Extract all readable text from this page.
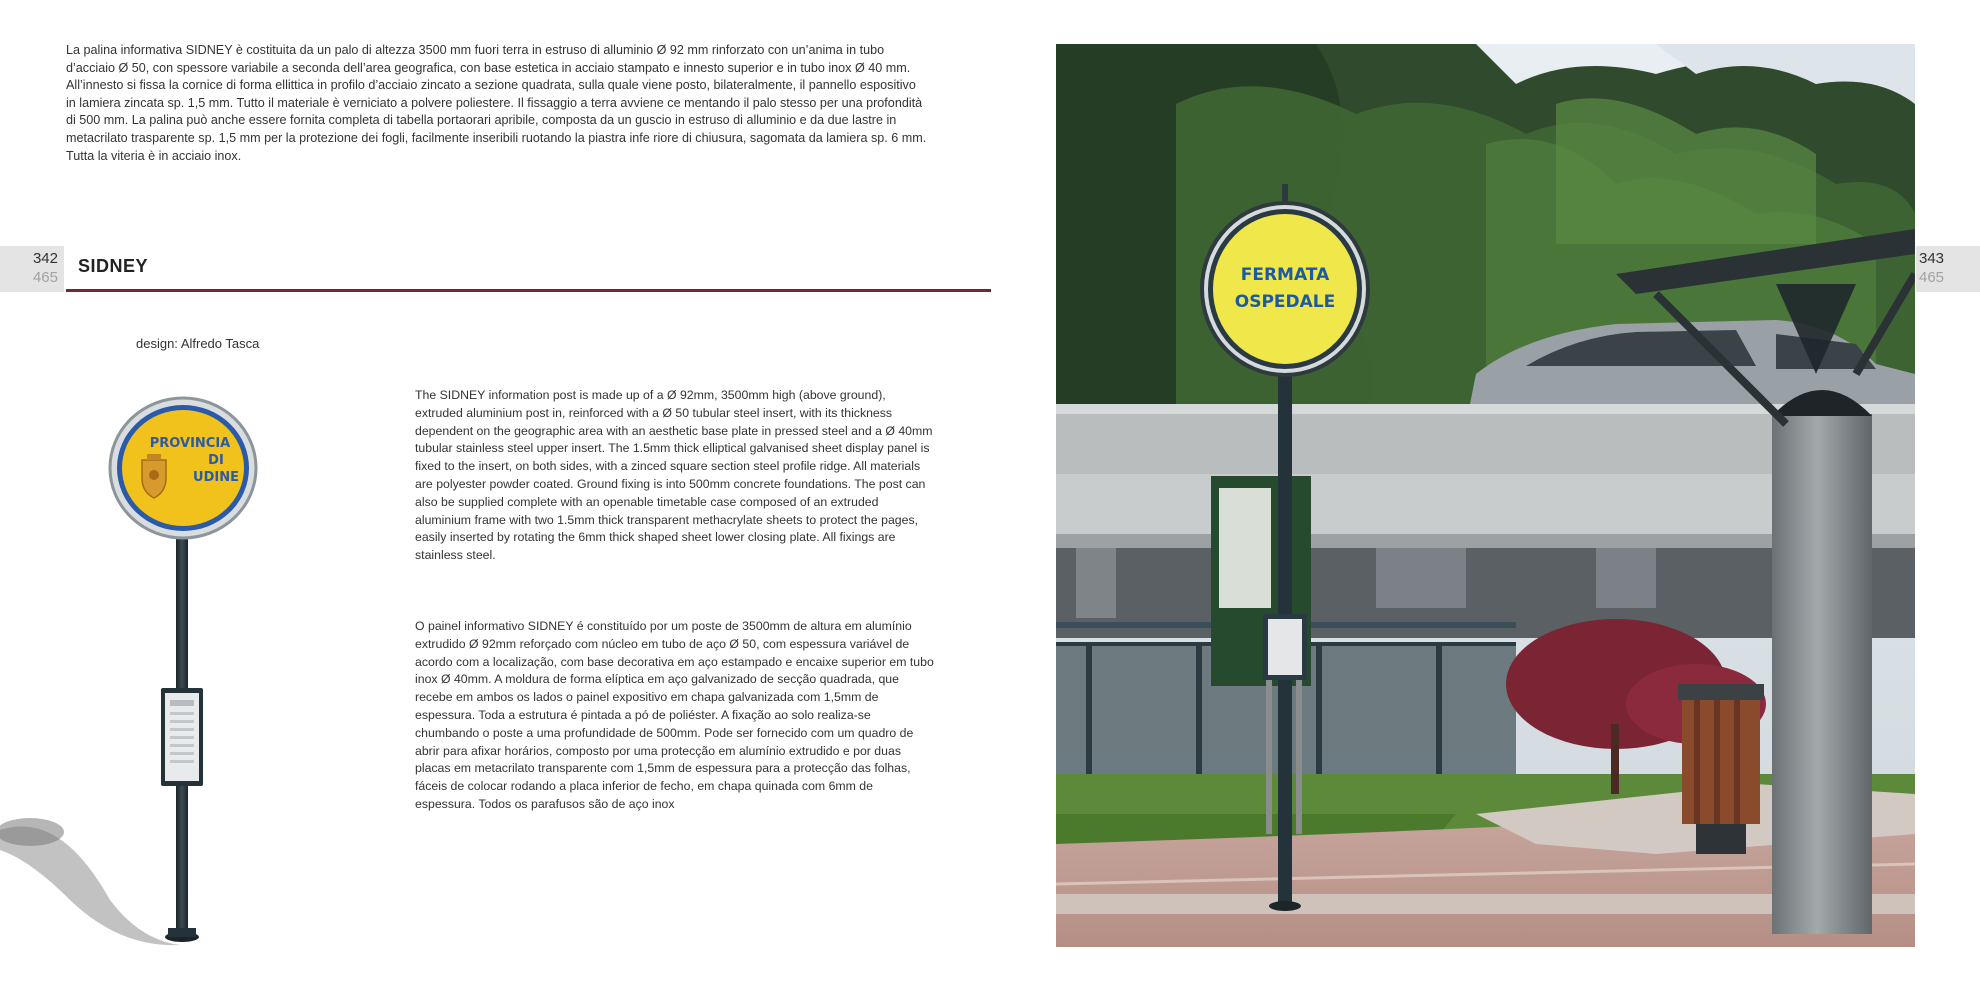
La palina informativa SIDNEY è costituita da un palo di altezza 3500 mm fuori terra in estruso di alluminio Ø 92 mm rinforzato con un’anima in tubo d’acciaio Ø 50, con spessore variabile a seconda dell’area geografica, con base estetica in acciaio stampato e innesto superior e in tubo inox Ø 40 mm. All’innesto si fissa la cornice di forma ellittica in profilo d’acciaio zincato a sezione quadrata, sulla quale viene posto, bilateralmente, il pannello espositivo in lamiera zincata sp. 1,5 mm. Tutto il materiale è verniciato a polvere poliestere. Il fissaggio a terra avviene ce mentando il palo stesso per una profondità di 500 mm. La palina può anche essere fornita completa di tabella portaorari apribile, composta da un guscio in estruso di alluminio e da due lastre in metacrilato trasparente sp. 1,5 mm per la protezione dei fogli, facilmente inseribili ruotando la piastra infe riore di chiusura, sagomata da lamiera sp. 6 mm. Tutta la viteria è in acciaio inox.

342
465
SIDNEY
design: Alfredo Tasca

The SIDNEY information post is made up of a Ø 92mm, 3500mm high (above ground), extruded aluminium post in, reinforced with a Ø 50 tubular steel insert, with its thickness dependent on the geographic area with an aesthetic base plate in pressed steel and a Ø 40mm tubular stainless steel upper insert. The 1.5mm thick elliptical galvanised sheet display panel is fixed to the insert, on both sides, with a zinced square section steel profile ridge. All materials are polyester powder coated. Ground fixing is into 500mm concrete foundations. The post can also be supplied complete with an openable timetable case composed of an extruded aluminium frame with two 1.5mm thick transparent methacrylate sheets to protect the pages, easily inserted by rotating the 6mm thick shaped sheet lower closing plate. All fixings are stainless steel.

O painel informativo SIDNEY é constituído por um poste de 3500mm de altura em alumínio extrudido Ø 92mm reforçado com núcleo em tubo de aço Ø 50, com espessura variável de acordo com a localização, com base decorativa em aço estampado e encaixe superior em tubo inox Ø 40mm. A moldura de forma elíptica em aço galvanizado de secção quadrada, que recebe em ambos os lados o painel expositivo em chapa galvanizada com 1,5mm de espessura. Toda a estrutura é pintada a pó de poliéster. A fixação ao solo realiza-se chumbando o poste a uma profundidade de 500mm. Pode ser fornecido com um quadro de abrir para afixar horários, composto por uma protecção em alumínio extrudido e por duas placas em metacrilato transparente com 1,5mm de espessura para a protecção das folhas, fáceis de colocar rodando a placa inferior de fecho, em chapa quinada com 6mm de espessura. Todos os parafusos são de aço inox

PROVINCIA
DI
UDINE
FERMATA
OSPEDALE
343
465
